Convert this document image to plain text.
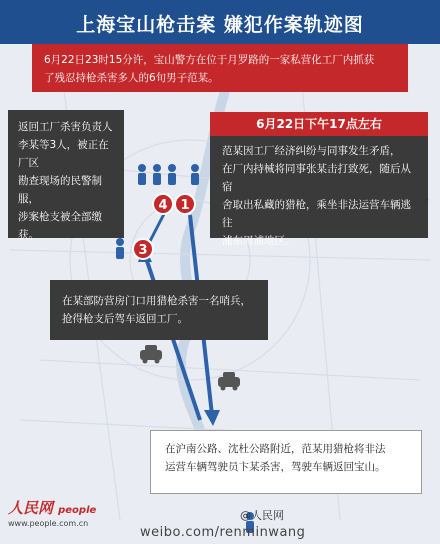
上海宝山枪击案 嫌犯作案轨迹图
6月22日23时15分许，宝山警方在位于月罗路的一家私营化工厂内抓获
了残忍持枪杀害多人的6旬男子范某。
6月22日下午17点左右
范某因工厂经济纠纷与同事发生矛盾，
在厂内持械将同事张某击打致死，随后从宿
舍取出私藏的猎枪，乘坐非法运营车辆逃往
浦东周浦地区。
返回工厂杀害负责人
李某等3人，被正在厂区
勘查现场的民警制服，
涉案枪支被全部缴获。
在某部防营房门口用猎枪杀害一名哨兵，
抢得枪支后驾车返回工厂。
在沪南公路、沈杜公路附近，范某用猎枪将非法
运营车辆驾驶员卞某杀害，驾驶车辆返回宝山。
4 1
3
人民网 people
www.people.com.cn
@人民网
weibo.com/renminwang
